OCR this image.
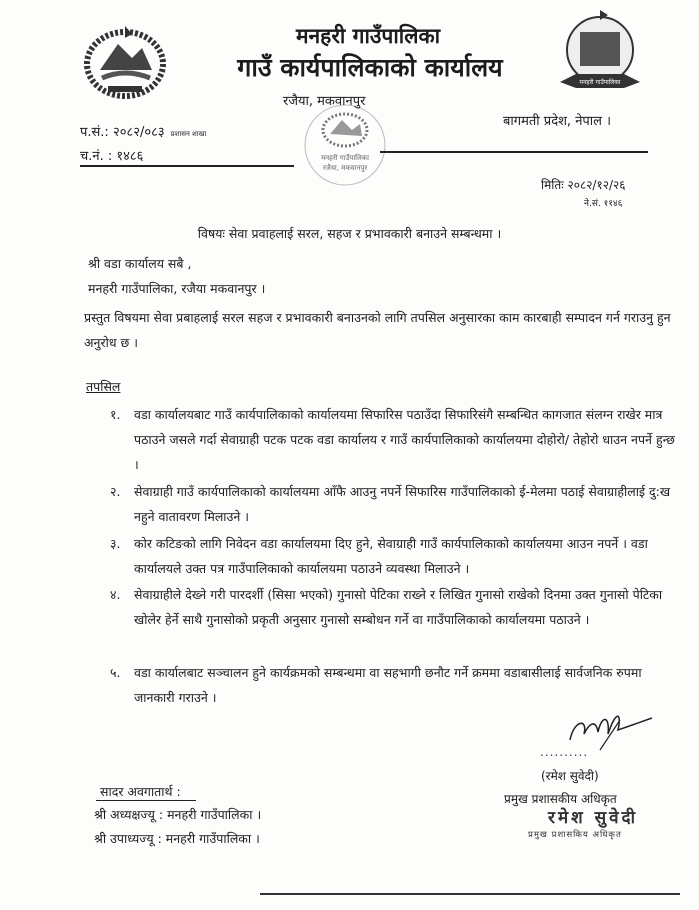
मनहरी गाउँपालिका
मनहरी गाउँपालिका
रजैया, मकवानपुर
मनहरी गाउँपालिका
गाउँ कार्यपालिकाको कार्यालय
रजैया, मकवानपुर
बागमती प्रदेश, नेपाल ।
प.सं.: २०८२/०८३ प्रशासन शाखा
च.नं. : १४८६
मितिः २०८२/१२/२६
ने.सं. ११४६
विषयः सेवा प्रवाहलाई सरल, सहज र प्रभावकारी बनाउने सम्बन्धमा ।
श्री वडा कार्यालय सबै ,
मनहरी गाउँपालिका, रजैया मकवानपुर ।
प्रस्तुत विषयमा सेवा प्रबाहलाई सरल सहज र प्रभावकारी बनाउनको लागि तपसिल अनुसारका काम कारबाही सम्पादन गर्न गराउनु हुन अनुरोध छ ।
तपसिल
१. वडा कार्यालयबाट गाउँ कार्यपालिकाको कार्यालयमा सिफारिस पठाउँदा सिफारिसंगै सम्बन्धित कागजात संलग्न राखेर मात्र पठाउने जसले गर्दा सेवाग्राही पटक पटक वडा कार्यालय र गाउँ कार्यपालिकाको कार्यालयमा दोहोरो/ तेहोरो धाउन नपर्ने हुन्छ ।
२. सेवाग्राही गाउँ कार्यपालिकाको कार्यालयमा आँफै आउनु नपर्ने सिफारिस गाउँपालिकाको ई-मेलमा पठाई सेवाग्राहीलाई दु:ख नहुने वातावरण मिलाउने ।
३. कोर कटिङको लागि निवेदन वडा कार्यालयमा दिए हुने, सेवाग्राही गाउँ कार्यपालिकाको कार्यालयमा आउन नपर्ने । वडा कार्यालयले उक्त पत्र गाउँपालिकाको कार्यालयमा पठाउने व्यवस्था मिलाउने ।
४. सेवाग्राहीले देख्ने गरी पारदर्शी (सिसा भएको) गुनासो पेटिका राख्ने र लिखित गुनासो राखेको दिनमा उक्त गुनासो पेटिका खोलेर हेर्ने साथै गुनासोको प्रकृती अनुसार गुनासो सम्बोधन गर्ने वा गाउँपालिकाको कार्यालयमा पठाउने ।
५. वडा कार्यालबाट सञ्चालन हुने कार्यक्रमको सम्बन्धमा वा सहभागी छनौट गर्ने क्रममा वडाबासीलाई सार्वजनिक रुपमा जानकारी गराउने ।
..........
(रमेश सुवेदी)
प्रमुख प्रशासकीय अधिकृत
रमेश सुवेदी
प्रमुख प्रशासकिय अधिकृत
सादर अवगातार्थ :
श्री अध्यक्षज्यू : मनहरी गाउँपालिका ।
श्री उपाध्यज्यू : मनहरी गाउँपालिका ।
